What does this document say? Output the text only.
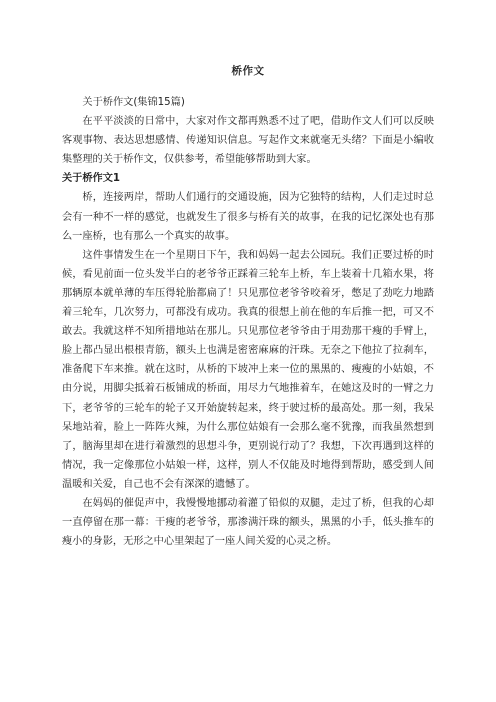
桥作文

关于桥作文(集锦15篇)

在平平淡淡的日常中，大家对作文都再熟悉不过了吧，借助作文人们可以反映客观事物、表达思想感情、传递知识信息。写起作文来就毫无头绪？下面是小编收集整理的关于桥作文，仅供参考，希望能够帮助到大家。

关于桥作文1

桥，连接两岸，帮助人们通行的交通设施，因为它独特的结构，人们走过时总会有一种不一样的感觉，也就发生了很多与桥有关的故事，在我的记忆深处也有那么一座桥，也有那么一个真实的故事。

这件事情发生在一个星期日下午，我和妈妈一起去公园玩。我们正要过桥的时候，看见前面一位头发半白的老爷爷正踩着三轮车上桥，车上装着十几箱水果，将那辆原本就单薄的车压得轮胎都扁了！只见那位老爷爷咬着牙，憋足了劲吃力地踏着三轮车，几次努力，可都没有成功。我真的很想上前在他的车后推一把，可又不敢去。我就这样不知所措地站在那儿。只见那位老爷爷由于用劲那干瘦的手臂上，脸上都凸显出根根青筋，额头上也满是密密麻麻的汗珠。无奈之下他拉了拉刹车，准备爬下车来推。就在这时，从桥的下坡冲上来一位的黑黑的、瘦瘦的小姑娘，不由分说，用脚尖抵着石板铺成的桥面，用尽力气地推着车，在她这及时的一臂之力下，老爷爷的三轮车的轮子又开始旋转起来，终于驶过桥的最高处。那一刻，我呆呆地站着，脸上一阵阵火辣，为什么那位姑娘有一会那么毫不犹豫，而我虽然想到了，脑海里却在进行着激烈的思想斗争，更别说行动了？我想，下次再遇到这样的情况，我一定像那位小姑娘一样，这样，别人不仅能及时地得到帮助，感受到人间温暖和关爱，自己也不会有深深的遗憾了。

在妈妈的催促声中，我慢慢地挪动着灌了铅似的双腿，走过了桥，但我的心却一直停留在那一幕：干瘦的老爷爷，那渗满汗珠的额头，黑黑的小手，低头推车的瘦小的身影，无形之中心里架起了一座人间关爱的心灵之桥。
